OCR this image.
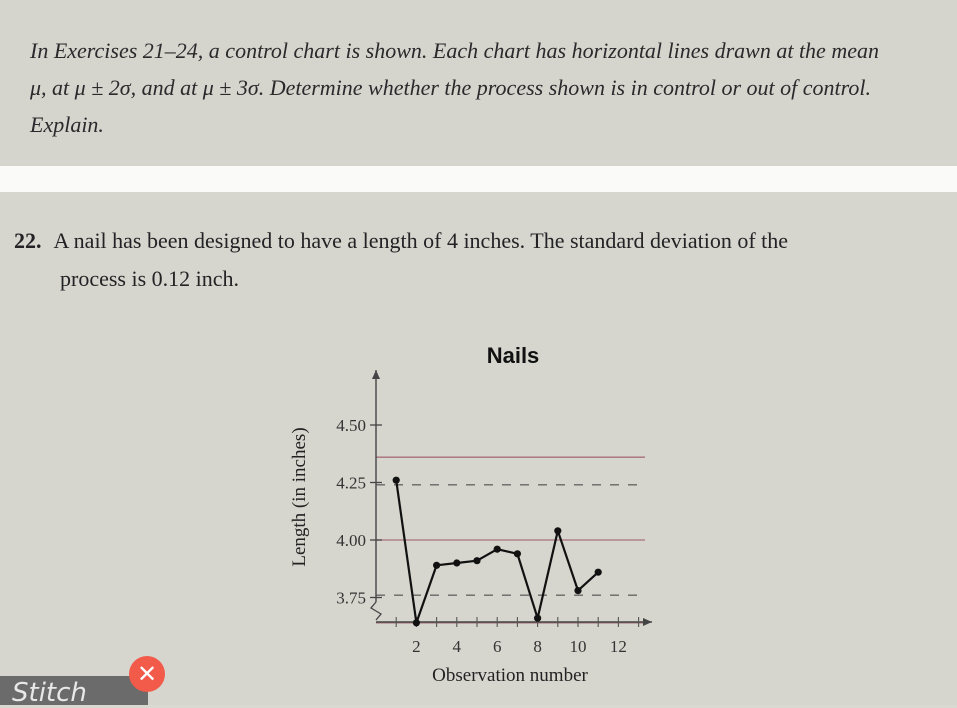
In Exercises 21–24, a control chart is shown. Each chart has horizontal lines drawn at the mean
μ, at μ ± 2σ, and at μ ± 3σ. Determine whether the process shown is in control or out of control.
Explain.

22. A nail has been designed to have a length of 4 inches. The standard deviation of the
process is 0.12 inch.
Nails
4.50
4.25
4.00
3.75
2 4 6 8 10 12
Observation number
Length (in inches)
Stitch
✕
